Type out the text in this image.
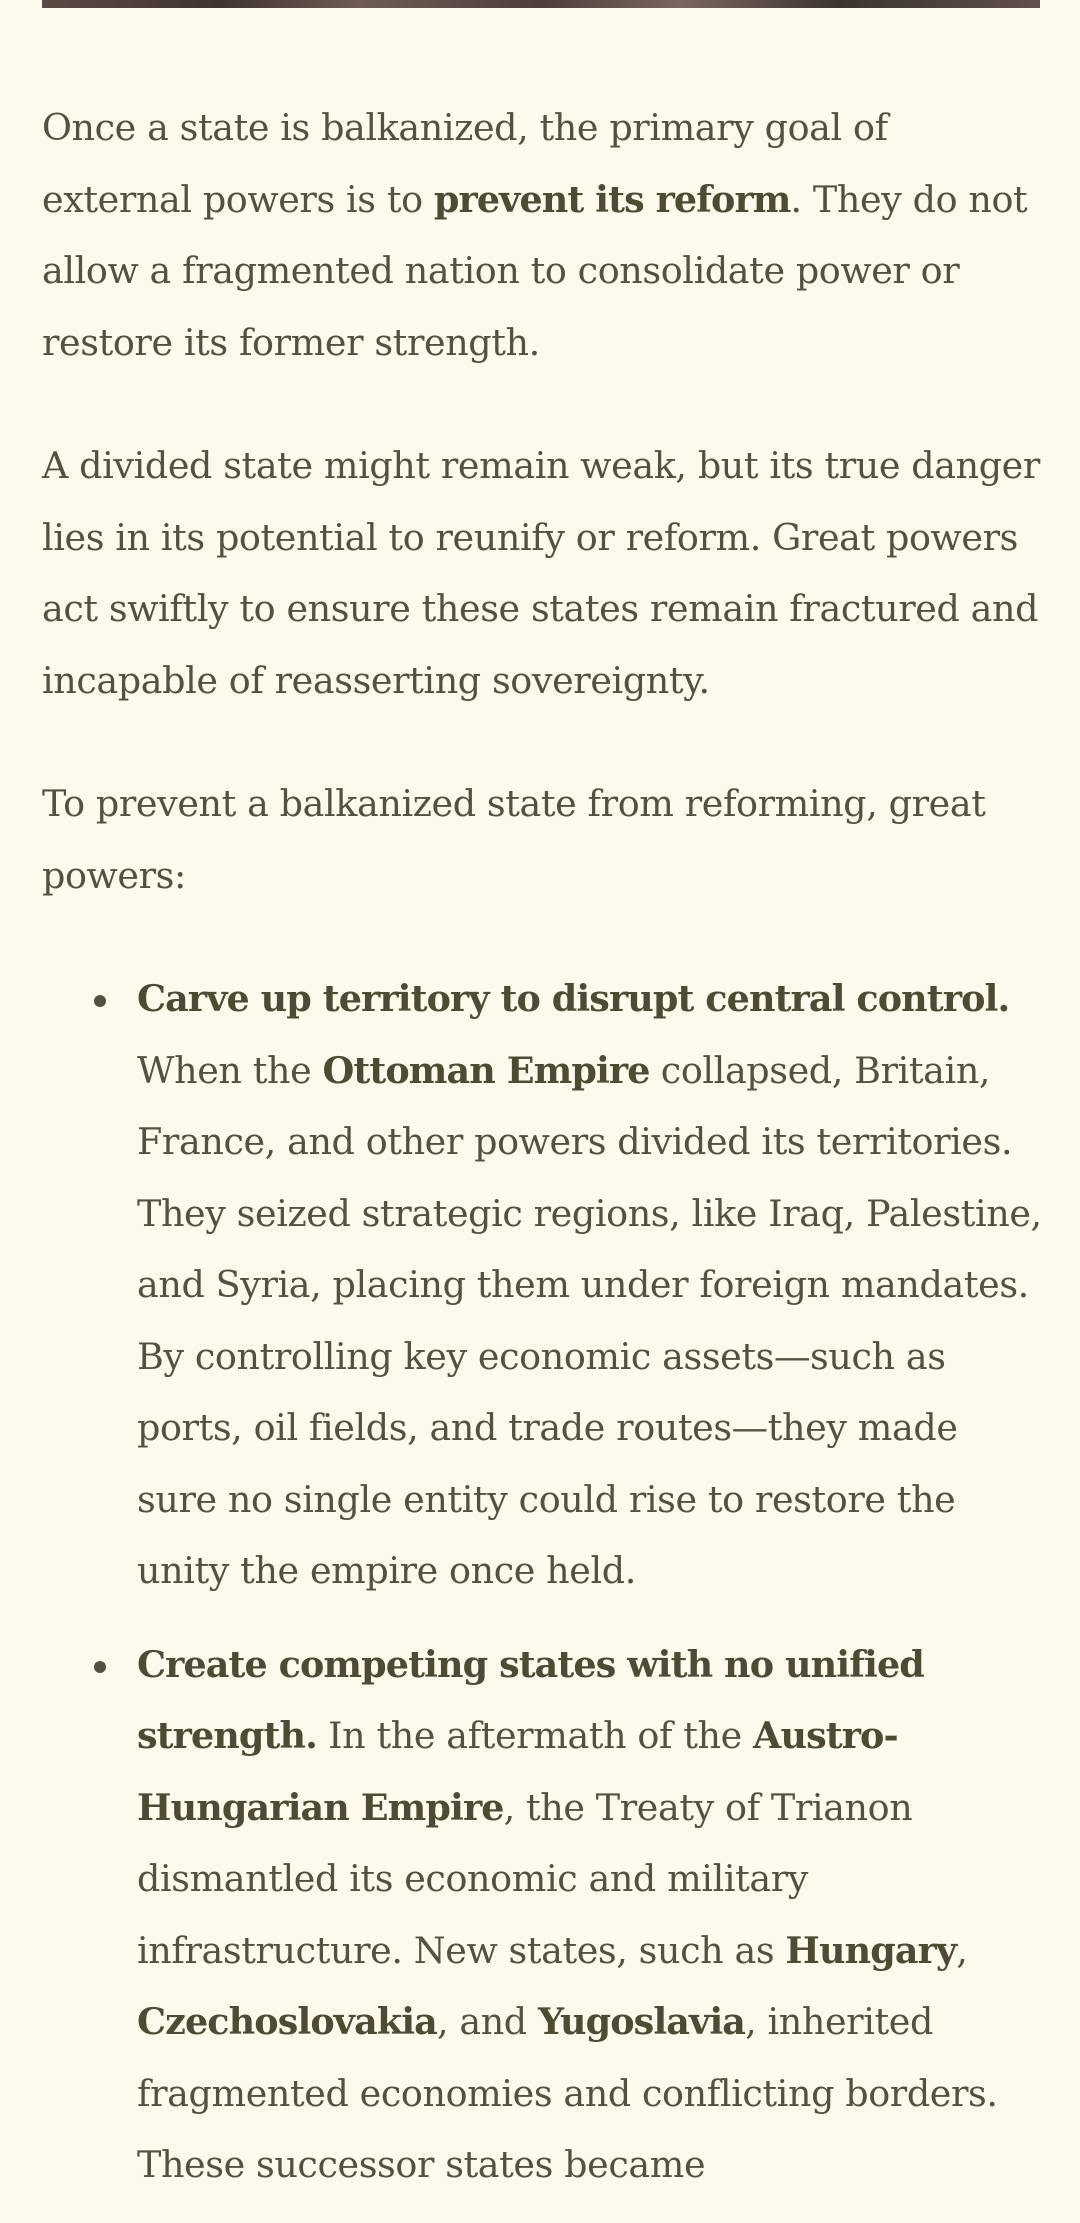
Once a state is balkanized, the primary goal of external powers is to prevent its reform. They do not allow a fragmented nation to consolidate power or restore its former strength.

A divided state might remain weak, but its true danger lies in its potential to reunify or reform. Great powers act swiftly to ensure these states remain fractured and incapable of reasserting sovereignty.

To prevent a balkanized state from reforming, great powers:

Carve up territory to disrupt central control. When the Ottoman Empire collapsed, Britain, France, and other powers divided its territories. They seized strategic regions, like Iraq, Palestine, and Syria, placing them under foreign mandates. By controlling key economic assets—such as ports, oil fields, and trade routes—they made sure no single entity could rise to restore the unity the empire once held.
Create competing states with no unified strength. In the aftermath of the Austro-Hungarian Empire, the Treaty of Trianon dismantled its economic and military infrastructure. New states, such as Hungary, Czechoslovakia, and Yugoslavia, inherited fragmented economies and conflicting borders. These successor states became
